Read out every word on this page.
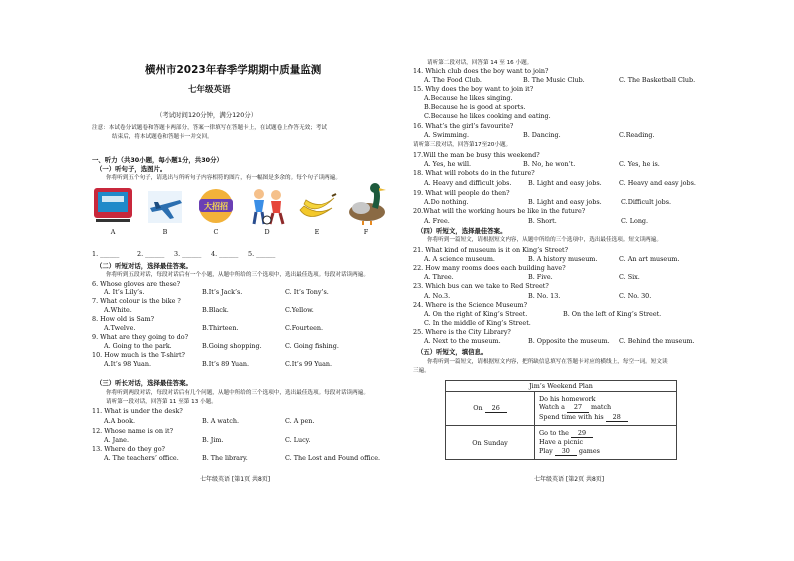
横州市2023年春季学期期中质量监测
七年级英语
（考试时间120分钟，满分120分）
注意：本试卷分试题卷和答题卡两部分，答案一律填写在答题卡上，在试题卷上作答无效；考试
结束后，将本试题卷和答题卡一并交回。
一、听力（共30小题，每小题1分，共30分）
（一）听句子，选图片。
你将听到五个句子，请选出与所听句子内容相符的图片，有一幅图是多余的。每个句子读两遍。
大招招
A	B	C	D	E	F
1. ______	2. ______ 3. ______ 4. ______ 5. ______
（二）听短对话，选择最佳答案。
你将听到五段对话，每段对话后有一个小题，从题中所给的三个选项中，选出最佳选项。每段对话读两遍。
6. Whose gloves are these?
A. It’s Lily’s.	B.It’s Jack’s.	C. It’s Tony’s.
7. What colour is the bike ?
A.White.	B.Black.	C.Yellow.
8. How old is Sam?
A.Twelve.	B.Thirteen.	C.Fourteen.
9. What are they going to do?
A. Going to the park.	B.Going shopping.	C. Going fishing.
10. How much is the T-shirt?
A.It’s 98 Yuan.	B.It’s 89 Yuan.	C.It’s 99 Yuan.
（三）听长对话，选择最佳答案。
你将听到两段对话，每段对话后有几个问题，从题中所给的三个选项中，选出最佳选项。每段对话读两遍。
请听第一段对话，回答第 11 至第 13 小题。
11. What is under the desk?
A.A book.	B. A watch.	C. A pen.
12. Whose name is on it?
A. Jane.	B. Jim.	C. Lucy.
13. Where do they go?
A. The teachers’ office.	B. The library.	C. The Lost and Found office.
七年级英语 [第1页 共8页]
请听第二段对话，回答第 14 至 16 小题。
14. Which club does the boy want to join?
A. The Food Club.	B. The Music Club.	C. The Basketball Club.
15. Why does the boy want to join it?
A.Because he likes singing.
B.Because he is good at sports.
C.Because he likes cooking and eating.
16. What’s the girl’s favourite?
A. Swimming.	B. Dancing.	C.Reading.
请听第三段对话，回答第17至20小题。
17.Will the man be busy this weekend?
A. Yes, he will.	B. No, he won’t.	C. Yes, he is.
18. What will robots do in the future?
A. Heavy and difficult jobs.	B. Light and easy jobs.	C. Heavy and easy jobs.
19. What will people do then?
A.Do nothing.	B. Light and easy jobs.	C.Difficult jobs.
20.What will the working hours be like in the future?
A. Free.	B. Short.	C. Long.
（四）听短文，选择最佳答案。
你将听到一篇短文，请根据短文内容，从题中所给的三个选项中，选出最佳选项。短文读两遍。
21. What kind of museum is it on King’s Street?
A. A science museum.	B. A history museum.	C. An art museum.
22. How many rooms does each building have?
A. Three.	B. Five.	C. Six.
23. Which bus can we take to Red Street?
A. No.3.	B. No. 13.	C. No. 30.
24. Where is the Science Museum?
A. On the right of King’s Street.	B. On the left of King’s Street.
C. In the middle of King’s Street.
25. Where is the City Library?
A. Next to the museum.	B. Opposite the museum. C. Behind the museum.
（五）听短文，填信息。
你将听到一篇短文，请根据短文内容，把所缺信息填写在答题卡对应的横线上，每空一词。短文读
三遍。
Jim’s Weekend Plan	
On 26	Do his homework
Watch a 27 match
Spend time with his 28

On Sunday	Go to the 29
Have a picnic
Play 30 games
七年级英语 [第2页 共8页]
